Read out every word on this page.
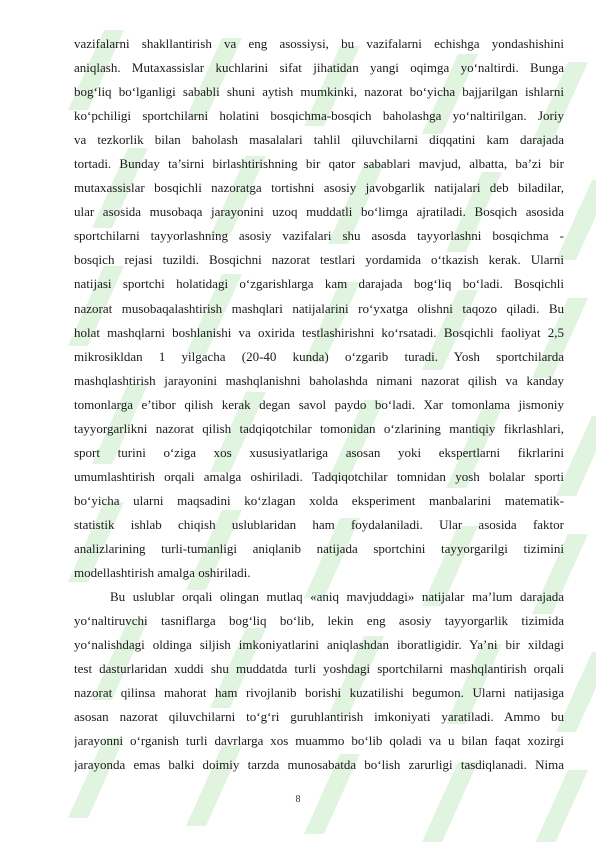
vazifalarni shakllantirish va eng asossiysi, bu vazifalarni echishga yondashishini
aniqlash. Mutaxassislar kuchlarini sifat jihatidan yangi oqimga yo‘naltirdi. Bunga
bog‘liq bo‘lganligi sababli shuni aytish mumkinki, nazorat bo‘yicha bajjarilgan ishlarni
ko‘pchiligi sportchilarni holatini bosqichma-bosqich baholashga yo‘naltirilgan. Joriy
va tezkorlik bilan baholash masalalari tahlil qiluvchilarni diqqatini kam darajada
tortadi. Bunday ta’sirni birlashtirishning bir qator sabablari mavjud, albatta, ba’zi bir
mutaxassislar bosqichli nazoratga tortishni asosiy javobgarlik natijalari deb biladilar,
ular asosida musobaqa jarayonini uzoq muddatli bo‘limga ajratiladi. Bosqich asosida
sportchilarni tayyorlashning asosiy vazifalari shu asosda tayyorlashni bosqichma -
bosqich rejasi tuzildi. Bosqichni nazorat testlari yordamida o‘tkazish kerak. Ularni
natijasi sportchi holatidagi o‘zgarishlarga kam darajada bog‘liq bo‘ladi. Bosqichli
nazorat musobaqalashtirish mashqlari natijalarini ro‘yxatga olishni taqozo qiladi. Bu
holat mashqlarni boshlanishi va oxirida testlashirishni ko‘rsatadi. Bosqichli faoliyat 2,5
mikrosikldan 1 yilgacha (20-40 kunda) o‘zgarib turadi. Yosh sportchilarda
mashqlashtirish jarayonini mashqlanishni baholashda nimani nazorat qilish va kanday
tomonlarga e’tibor qilish kerak degan savol paydo bo‘ladi. Xar tomonlama jismoniy
tayyorgarlikni nazorat qilish tadqiqotchilar tomonidan o‘zlarining mantiqiy fikrlashlari,
sport turini o‘ziga xos xususiyatlariga asosan yoki ekspertlarni fikrlarini
umumlashtirish orqali amalga oshiriladi. Tadqiqotchilar tomnidan yosh bolalar sporti
bo‘yicha ularni maqsadini ko‘zlagan xolda eksperiment manbalarini matematik-
statistik ishlab chiqish uslublaridan ham foydalaniladi. Ular asosida faktor
analizlarining turli-tumanligi aniqlanib natijada sportchini tayyorgarilgi tizimini
modellashtirish amalga oshiriladi.
Bu uslublar orqali olingan mutlaq «aniq mavjuddagi» natijalar ma’lum darajada
yo‘naltiruvchi tasniflarga bog‘liq bo‘lib, lekin eng asosiy tayyorgarlik tizimida
yo‘nalishdagi oldinga siljish imkoniyatlarini aniqlashdan iboratligidir. Ya’ni bir xildagi
test dasturlaridan xuddi shu muddatda turli yoshdagi sportchilarni mashqlantirish orqali
nazorat qilinsa mahorat ham rivojlanib borishi kuzatilishi begumon. Ularni natijasiga
asosan nazorat qiluvchilarni to‘g‘ri guruhlantirish imkoniyati yaratiladi. Ammo bu
jarayonni o‘rganish turli davrlarga xos muammo bo‘lib qoladi va u bilan faqat xozirgi
jarayonda emas balki doimiy tarzda munosabatda bo‘lish zarurligi tasdiqlanadi. Nima
8
